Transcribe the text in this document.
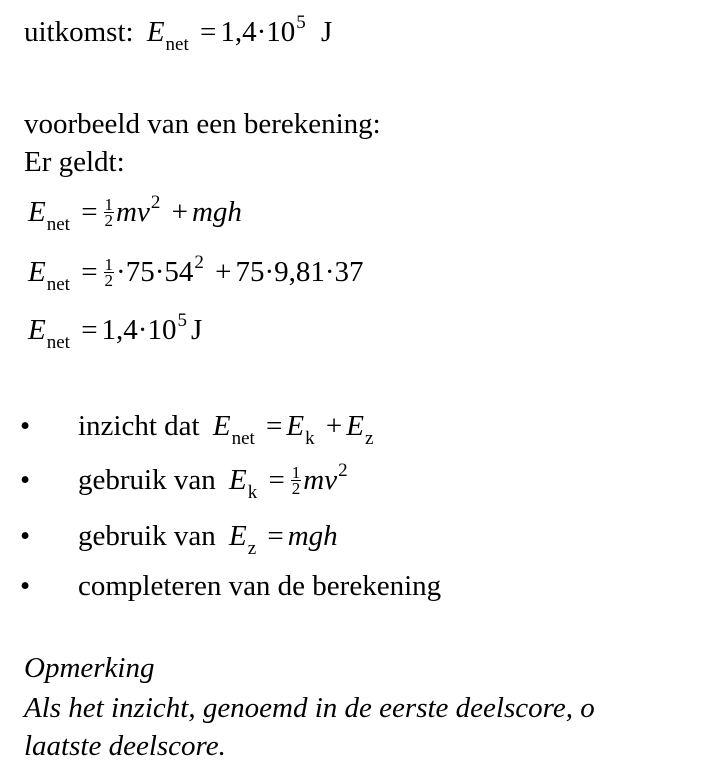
uitkomst: $E_{net} = 1,4\cdot 10^5$ J
voorbeeld van een berekening:
Er geldt:
$E_{net} = \frac{1}{2} mv^2$ + mgh
$E_{net} = \frac{1}{2} \cdot 75\cdot 54^2 + 75\cdot 9,81\cdot 37$
$E_{net} = 1,4\cdot 10^5$ J
• inzicht dat $E_{net} = E_k + E_z$
• gebruik van $E_k = \frac{1}{2} mv^2$
• gebruik van $E_z$ = mgh
• completeren van de berekening
Opmerking
Als het inzicht, genoemd in de eerste deelscore, o
laatste deelscore.
